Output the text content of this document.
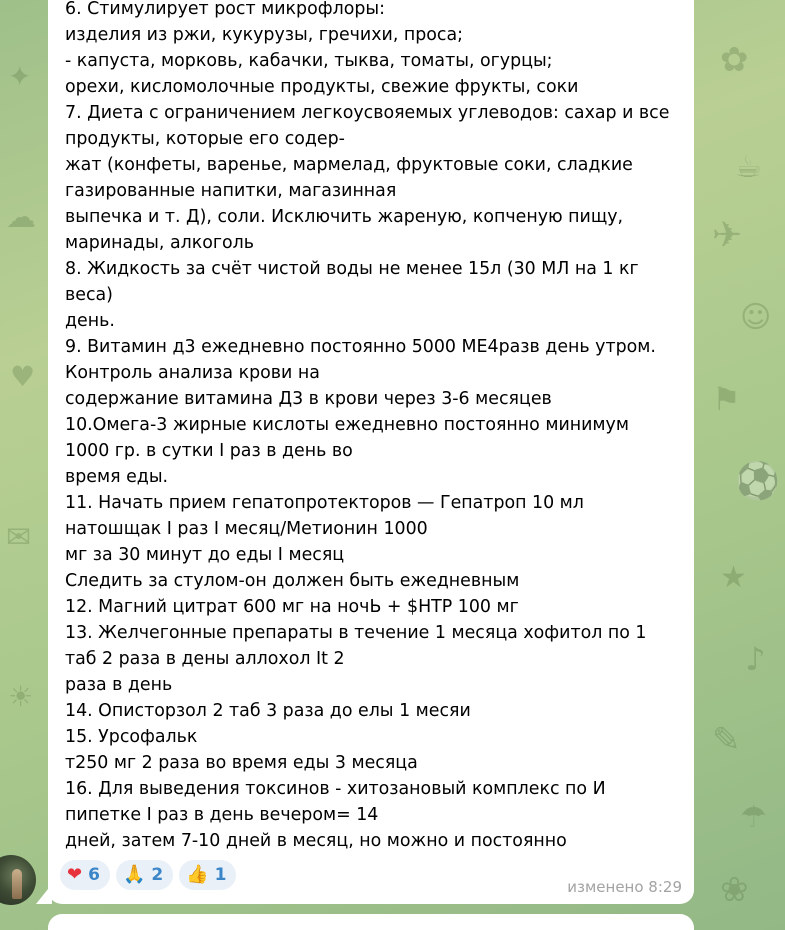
✿
☕
✈
☺
⚑
⚽
★
♪
✎
☂
❀
✦
☁
♥
✉
☀
6. Стимулирует рост микрофлоры:
изделия из ржи, кукурузы, гречихи, проса;
- капуста, морковь, кабачки, тыква, томаты, огурцы;
орехи, кисломолочные продукты, свежие фрукты, соки
7. Диета с ограничением легкоусвояемых углеводов: сахар и все
продукты, которые его содер-
жат (конфеты, варенье, мармелад, фруктовые соки, сладкие
газированные напитки, магазинная
выпечка и т. Д), соли. Исключить жареную, копченую пищу,
маринады, алкоголь
8. Жидкость за счёт чистой воды не менее 15л (30 МЛ на 1 кг
веса)
день.
9. Витамин д3 ежедневно постоянно 5000 МЕ4разв день утром.
Контроль анализа крови на
содержание витамина Д3 в крови через 3-6 месяцев
10.Омега-3 жирные кислоты ежедневно постоянно минимум
1000 гр. в сутки I раз в день во
время еды.
11. Начать прием гепатопротекторов — Гепатроп 10 мл
натошщак I раз I месяц/Метионин 1000
мг за 30 минут до еды I месяц
Следить за стулом-он должен быть ежедневным
12. Магний цитрат 600 мг на ночЬ + $НТР 100 мг
13. Желчегонные препараты в течение 1 месяца хофитол по 1
таб 2 раза в дены аллохол It 2
раза в день
14. Описторзол 2 таб 3 раза до елы 1 месяи
15. Урсофальк
т250 мг 2 раза во время еды 3 месяца
16. Для выведения токсинов - хитозановый комплекс по И
пипетке I раз в день вечером= 14
дней, затем 7-10 дней в месяц, но можно и постоянно
❤ 6 🙏 2 👍 1
изменено 8:29
